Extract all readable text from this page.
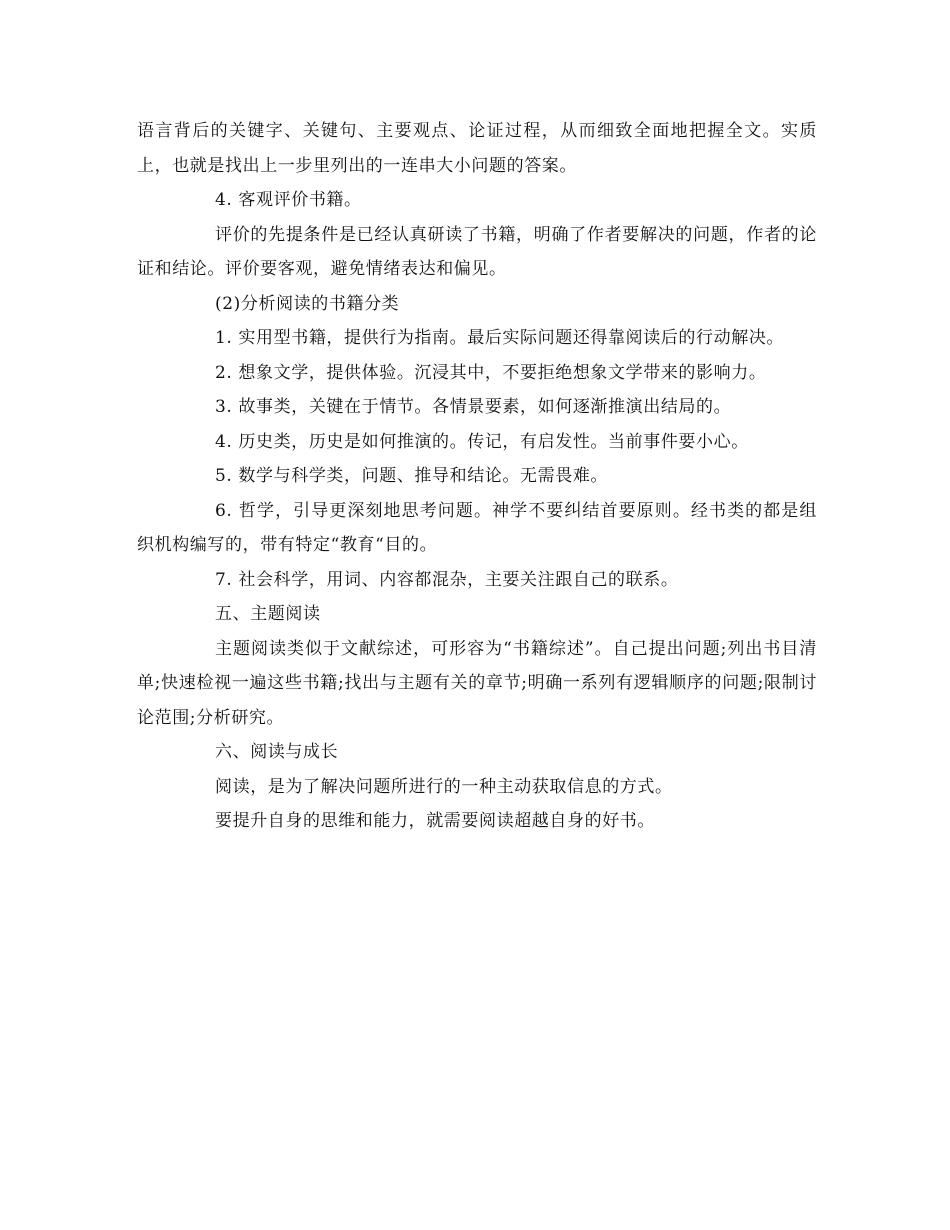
语言背后的关键字、关键句、主要观点、论证过程，从而细致全面地把握全文。实质上，也就是找出上一步里列出的一连串大小问题的答案。

4. 客观评价书籍。

评价的先提条件是已经认真研读了书籍，明确了作者要解决的问题，作者的论证和结论。评价要客观，避免情绪表达和偏见。

(2)分析阅读的书籍分类

1. 实用型书籍，提供行为指南。最后实际问题还得靠阅读后的行动解决。

2. 想象文学，提供体验。沉浸其中，不要拒绝想象文学带来的影响力。

3. 故事类，关键在于情节。各情景要素，如何逐渐推演出结局的。

4. 历史类，历史是如何推演的。传记，有启发性。当前事件要小心。

5. 数学与科学类，问题、推导和结论。无需畏难。

6. 哲学，引导更深刻地思考问题。神学不要纠结首要原则。经书类的都是组织机构编写的，带有特定“教育“目的。

7. 社会科学，用词、内容都混杂，主要关注跟自己的联系。

五、主题阅读

主题阅读类似于文献综述，可形容为“书籍综述”。自己提出问题;列出书目清单;快速检视一遍这些书籍;找出与主题有关的章节;明确一系列有逻辑顺序的问题;限制讨论范围;分析研究。

六、阅读与成长

阅读，是为了解决问题所进行的一种主动获取信息的方式。

要提升自身的思维和能力，就需要阅读超越自身的好书。
